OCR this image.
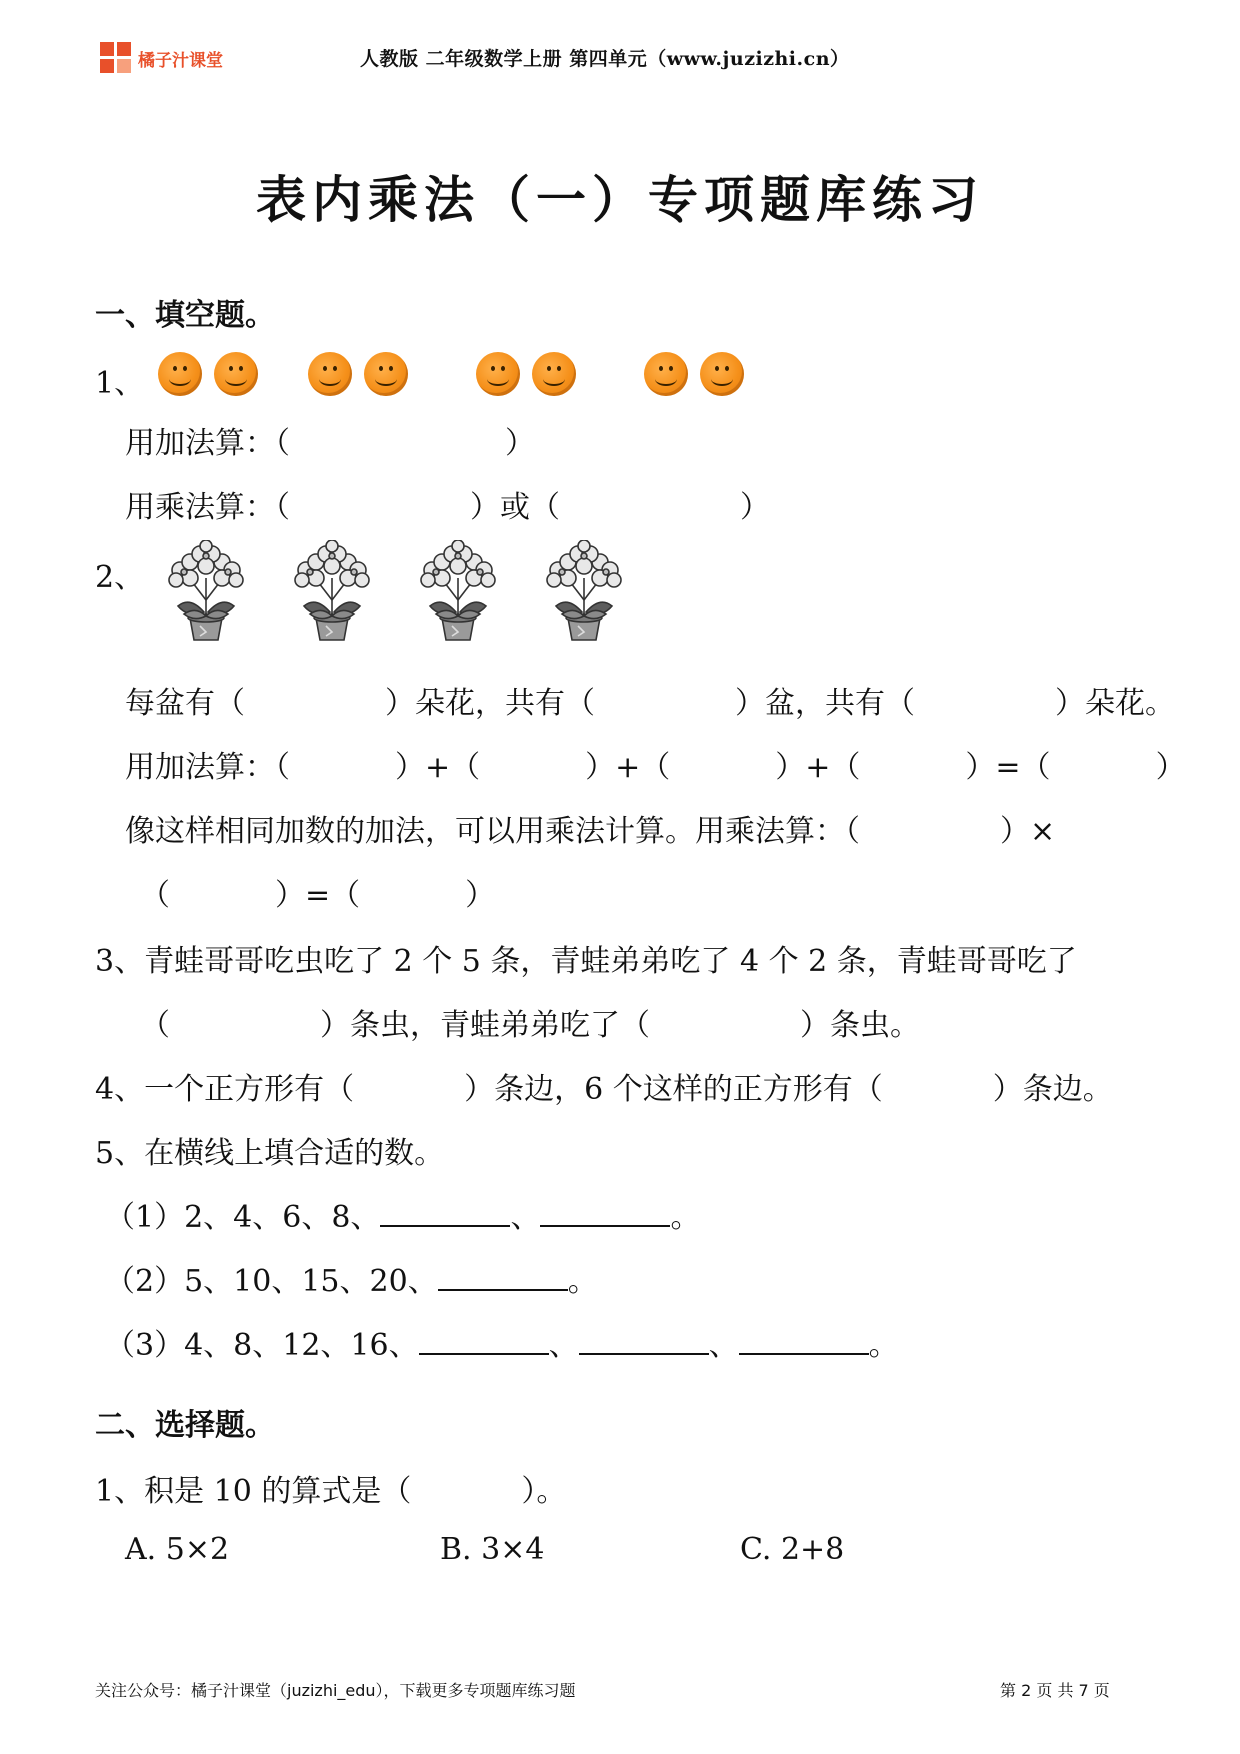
橘子汁课堂	人教版 二年级数学上册 第四单元（www.juzizhi.cn）
表内乘法（一）专项题库练习
一、填空题。
1、
用加法算：（	）
用乘法算：（	）或（	）
2、
每盆有（	）朵花，共有（	）盆，共有（	）朵花。
用加法算：（	）+（	）+（	）+（	）=（	）
像这样相同加数的加法，可以用乘法计算。用乘法算：（	）×
（	）=（	）
3、青蛙哥哥吃虫吃了 2 个 5 条，青蛙弟弟吃了 4 个 2 条，青蛙哥哥吃了
（	）条虫，青蛙弟弟吃了（	）条虫。
4、一个正方形有（	）条边，6 个这样的正方形有（	）条边。
5、在横线上填合适的数。
（1）2、4、6、8、	、	。
（2）5、10、15、20、	。
（3）4、8、12、16、	、	、	。
二、选择题。
1、积是 10 的算式是（	）。
A. 5×2	B. 3×4	C. 2+8
关注公众号：橘子汁课堂（juzizhi_edu），下载更多专项题库练习题	第 2 页 共 7 页
